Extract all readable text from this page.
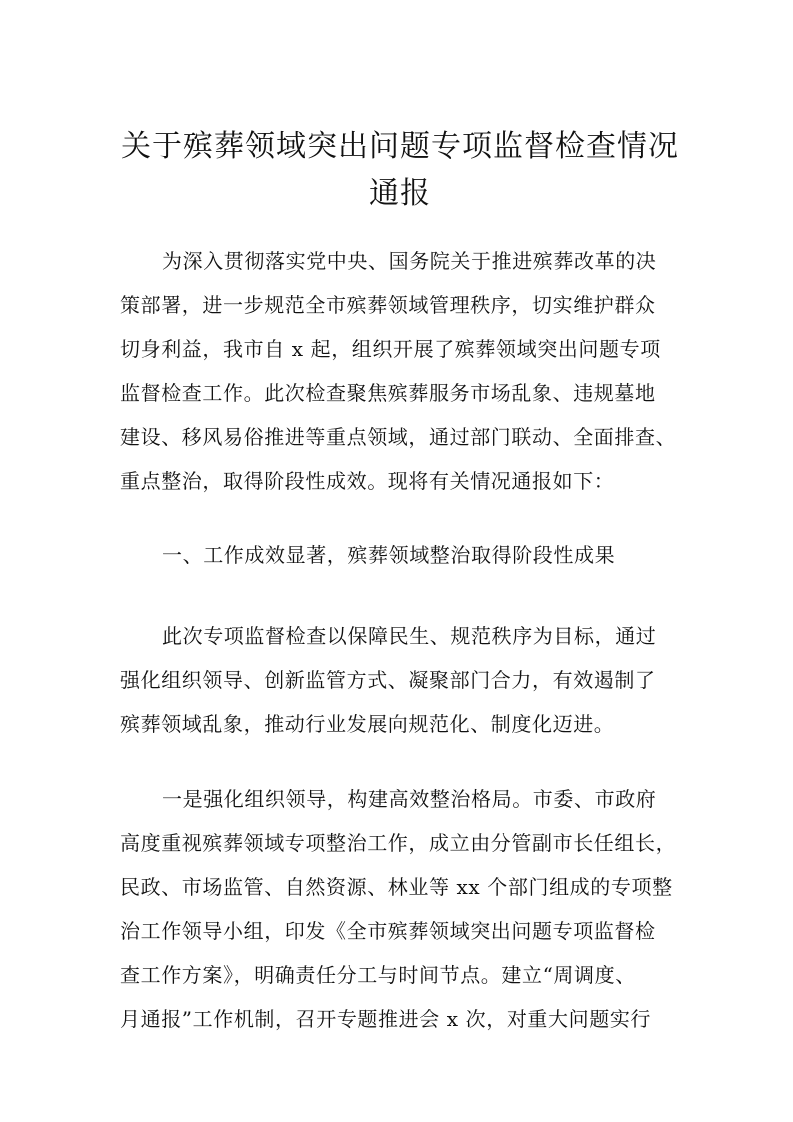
关于殡葬领域突出问题专项监督检查情况
通报
为深入贯彻落实党中央、国务院关于推进殡葬改革的决
策部署，进一步规范全市殡葬领域管理秩序，切实维护群众
切身利益，我市自 x 起，组织开展了殡葬领域突出问题专项
监督检查工作。此次检查聚焦殡葬服务市场乱象、违规墓地
建设、移风易俗推进等重点领域，通过部门联动、全面排查、
重点整治，取得阶段性成效。现将有关情况通报如下：
一、工作成效显著，殡葬领域整治取得阶段性成果
此次专项监督检查以保障民生、规范秩序为目标，通过
强化组织领导、创新监管方式、凝聚部门合力，有效遏制了
殡葬领域乱象，推动行业发展向规范化、制度化迈进。
一是强化组织领导，构建高效整治格局。市委、市政府
高度重视殡葬领域专项整治工作，成立由分管副市长任组长，
民政、市场监管、自然资源、林业等 xx 个部门组成的专项整
治工作领导小组，印发《全市殡葬领域突出问题专项监督检
查工作方案》，明确责任分工与时间节点。建立“周调度、
月通报”工作机制，召开专题推进会 x 次，对重大问题实行
